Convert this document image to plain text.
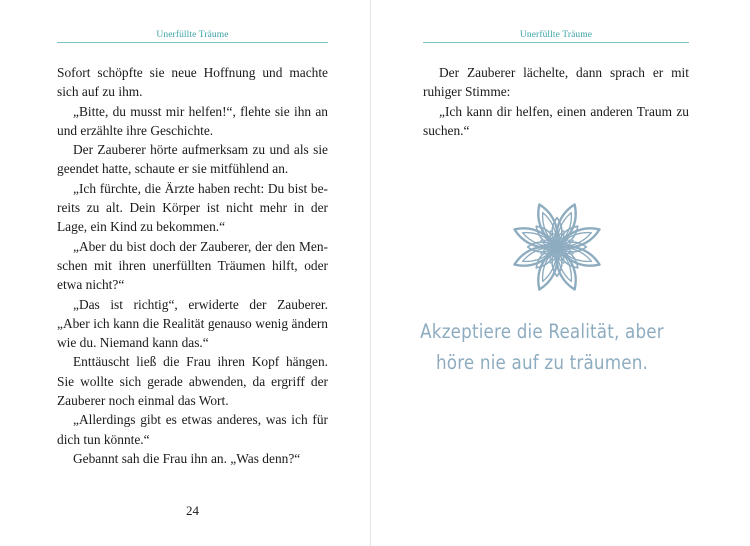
Unerfüllte Träume

Sofort schöpfte sie neue Hoffnung und machte sich auf zu ihm.

„Bitte, du musst mir helfen!“, flehte sie ihn an und erzählte ihre Geschichte.

Der Zauberer hörte aufmerksam zu und als sie geendet hatte, schaute er sie mitfühlend an.

„Ich fürchte, die Ärzte haben recht: Du bist bereits zu alt. Dein Körper ist nicht mehr in der Lage, ein Kind zu bekommen.“

„Aber du bist doch der Zauberer, der den Menschen mit ihren unerfüllten Träumen hilft, oder etwa nicht?“

„Das ist richtig“, erwiderte der Zauberer. „Aber ich kann die Realität genauso wenig ändern wie du. Niemand kann das.“

Enttäuscht ließ die Frau ihren Kopf hängen. Sie wollte sich gerade abwenden, da ergriff der Zauberer noch einmal das Wort.

„Allerdings gibt es etwas anderes, was ich für dich tun könnte.“

Gebannt sah die Frau ihn an. „Was denn?“

24
Unerfüllte Träume

Der Zauberer lächelte, dann sprach er mit ruhiger Stimme:

„Ich kann dir helfen, einen anderen Traum zu suchen.“

Akzeptiere die Realität, aber
höre nie auf zu träumen.
